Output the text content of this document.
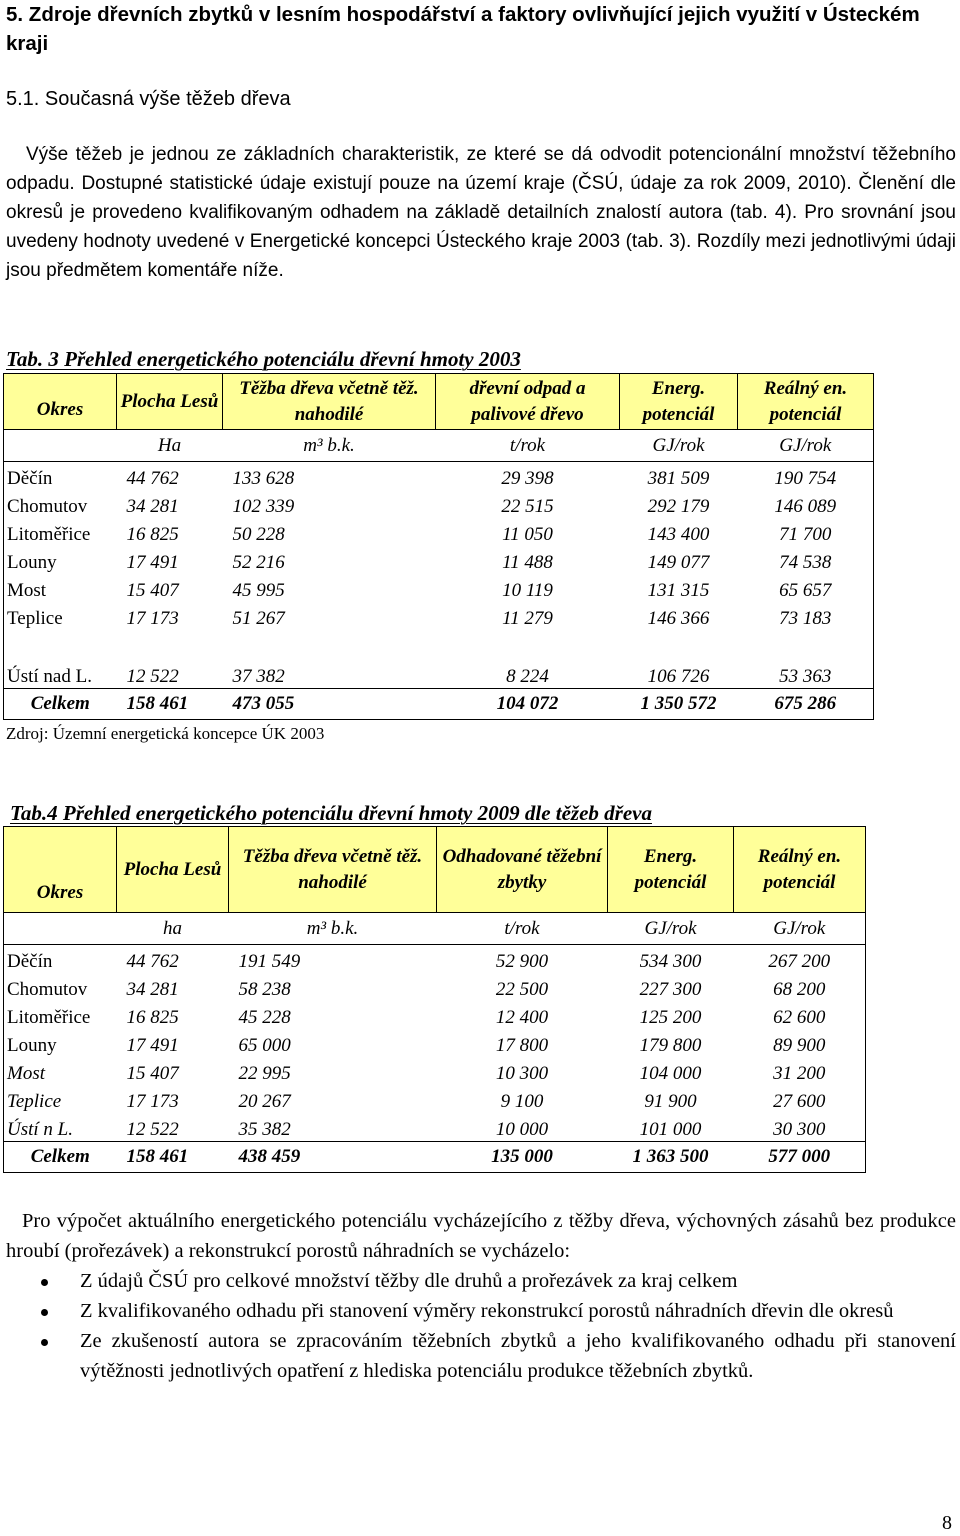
5. Zdroje dřevních zbytků v lesním hospodářství a faktory ovlivňující jejich využití v Ústeckém kraji
5.1. Současná výše těžeb dřeva

Výše těžeb je jednou ze základních charakteristik, ze které se dá odvodit potencionální množství těžebního odpadu. Dostupné statistické údaje existují pouze na území kraje (ČSÚ, údaje za rok 2009, 2010). Členění dle okresů je provedeno kvalifikovaným odhadem na základě detailních znalostí autora (tab. 4). Pro srovnání jsou uvedeny hodnoty uvedené v Energetické koncepci Ústeckého kraje 2003 (tab. 3). Rozdíly mezi jednotlivými údaji jsou předmětem komentáře níže.

Tab. 3 Přehled energetického potenciálu dřevní hmoty 2003
Okres	Plocha Lesů	Těžba dřeva včetně těž. nahodilé	dřevní odpad a palivové dřevo	Energ. potenciál	Reálný en. potenciál
	Ha	m³ b.k.	t/rok	GJ/rok	GJ/rok
Děčín	44 762	133 628	29 398	381 509	190 754
Chomutov	34 281	102 339	22 515	292 179	146 089
Litoměřice	16 825	50 228	11 050	143 400	71 700
Louny	17 491	52 216	11 488	149 077	74 538
Most	15 407	45 995	10 119	131 315	65 657
Teplice	17 173	51 267	11 279	146 366	73 183
Ústí nad L.	12 522	37 382	8 224	106 726	53 363
Celkem	158 461	473 055	104 072	1 350 572	675 286
Zdroj: Územní energetická koncepce ÚK 2003
Tab.4 Přehled energetického potenciálu dřevní hmoty 2009 dle těžeb dřeva
Okres	Plocha Lesů	Těžba dřeva včetně těž. nahodilé	Odhadované těžební zbytky	Energ. potenciál	Reálný en. potenciál
	ha	m³ b.k.	t/rok	GJ/rok	GJ/rok
Děčín	44 762	191 549	52 900	534 300	267 200
Chomutov	34 281	58 238	22 500	227 300	68 200
Litoměřice	16 825	45 228	12 400	125 200	62 600
Louny	17 491	65 000	17 800	179 800	89 900
Most	15 407	22 995	10 300	104 000	31 200
Teplice	17 173	20 267	9 100	91 900	27 600
Ústí n L.	12 522	35 382	10 000	101 000	30 300
Celkem	158 461	438 459	135 000	1 363 500	577 000

Pro výpočet aktuálního energetického potenciálu vycházejícího z těžby dřeva, výchovných zásahů bez produkce hroubí (prořezávek) a rekonstrukcí porostů náhradních se vycházelo:

Z údajů ČSÚ pro celkové množství těžby dle druhů a prořezávek za kraj celkem
Z kvalifikovaného odhadu při stanovení výměry rekonstrukcí porostů náhradních dřevin dle okresů
Ze zkušeností autora se zpracováním těžebních zbytků a jeho kvalifikovaného odhadu při stanovení výtěžnosti jednotlivých opatření z hlediska potenciálu produkce těžebních zbytků.
8
